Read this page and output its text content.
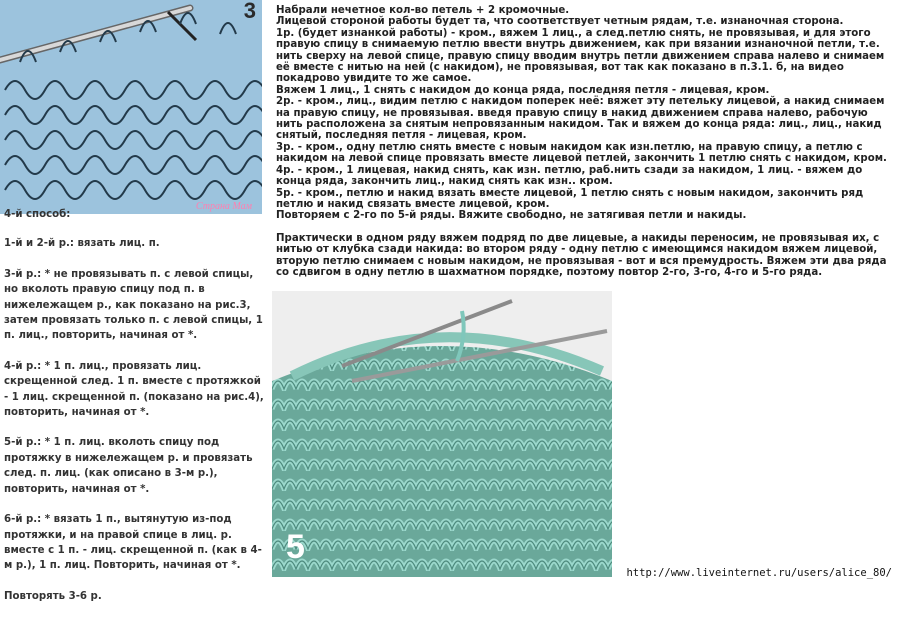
3
Страна Мам

4-й способ:

1-й и 2-й р.: вязать лиц. п.

3-й р.: * не провязывать п. с левой спицы, но вколоть правую спицу под п. в нижележащем р., как показано на рис.3, затем провязать только п. с левой спицы, 1 п. лиц., повторить, начиная от *.

4-й р.: * 1 п. лиц., провязать лиц. скрещенной след. 1 п. вместе с протяжкой - 1 лиц. скрещенной п. (показано на рис.4), повторить, начиная от *.

5-й р.: * 1 п. лиц. вколоть спицу под протяжку в нижележащем р. и провязать след. п. лиц. (как описано в 3-м р.), повторить, начиная от *.

6-й р.: * вязать 1 п., вытянутую из-под протяжки, и на правой спице в лиц. р. вместе с 1 п. - лиц. скрещенной п. (как в 4-м р.), 1 п. лиц. Повторить, начиная от *.

Повторять 3-6 р.

Набрали нечетное кол-во петель + 2 кромочные.

Лицевой стороной работы будет та, что соответствует четным рядам, т.е. изнаночная сторона.

1р. (будет изнанкой работы) - кром., вяжем 1 лиц., а след.петлю снять, не провязывая, и для этого правую спицу в снимаемую петлю ввести внутрь движением, как при вязании изнаночной петли, т.е. нить сверху на левой спице, правую спицу вводим внутрь петли движением справа налево и снимаем её вместе с нитью на ней (с накидом), не провязывая, вот так как показано в п.3.1. б, на видео покадрово увидите то же самое.

Вяжем 1 лиц., 1 снять с накидом до конца ряда, последняя петля - лицевая, кром.

2р. - кром., лиц., видим петлю с накидом поперек неё: вяжет эту петельку лицевой, а накид снимаем на правую спицу, не провязывая. введя правую спицу в накид движением справа налево, рабочую нить расположена за снятым непровязанным накидом. Так и вяжем до конца ряда: лиц., лиц., накид снятый, последняя петля - лицевая, кром.

3р. - кром., одну петлю снять вместе с новым накидом как изн.петлю, на правую спицу, а петлю с накидом на левой спице провязать вместе лицевой петлей, закончить 1 петлю снять с накидом, кром.

4р. - кром., 1 лицевая, накид снять, как изн. петлю, раб.нить сзади за накидом, 1 лиц. - вяжем до конца ряда, закончить лиц., накид снять как изн.. кром.

5р. - кром., петлю и накид вязать вместе лицевой, 1 петлю снять с новым накидом, закончить ряд петлю и накид связать вместе лицевой, кром.

Повторяем с 2-го по 5-й ряды. Вяжите свободно, не затягивая петли и накиды.

Практически в одном ряду вяжем подряд по две лицевые, а накиды переносим, не провязывая их, с нитью от клубка сзади накида: во втором ряду - одну петлю с имеющимся накидом вяжем лицевой, вторую петлю снимаем с новым накидом, не провязывая - вот и вся премудрость. Вяжем эти два ряда со сдвигом в одну петлю в шахматном порядке, поэтому повтор 2-го, 3-го, 4-го и 5-го ряда.

5
http://www.liveinternet.ru/users/alice_80/
